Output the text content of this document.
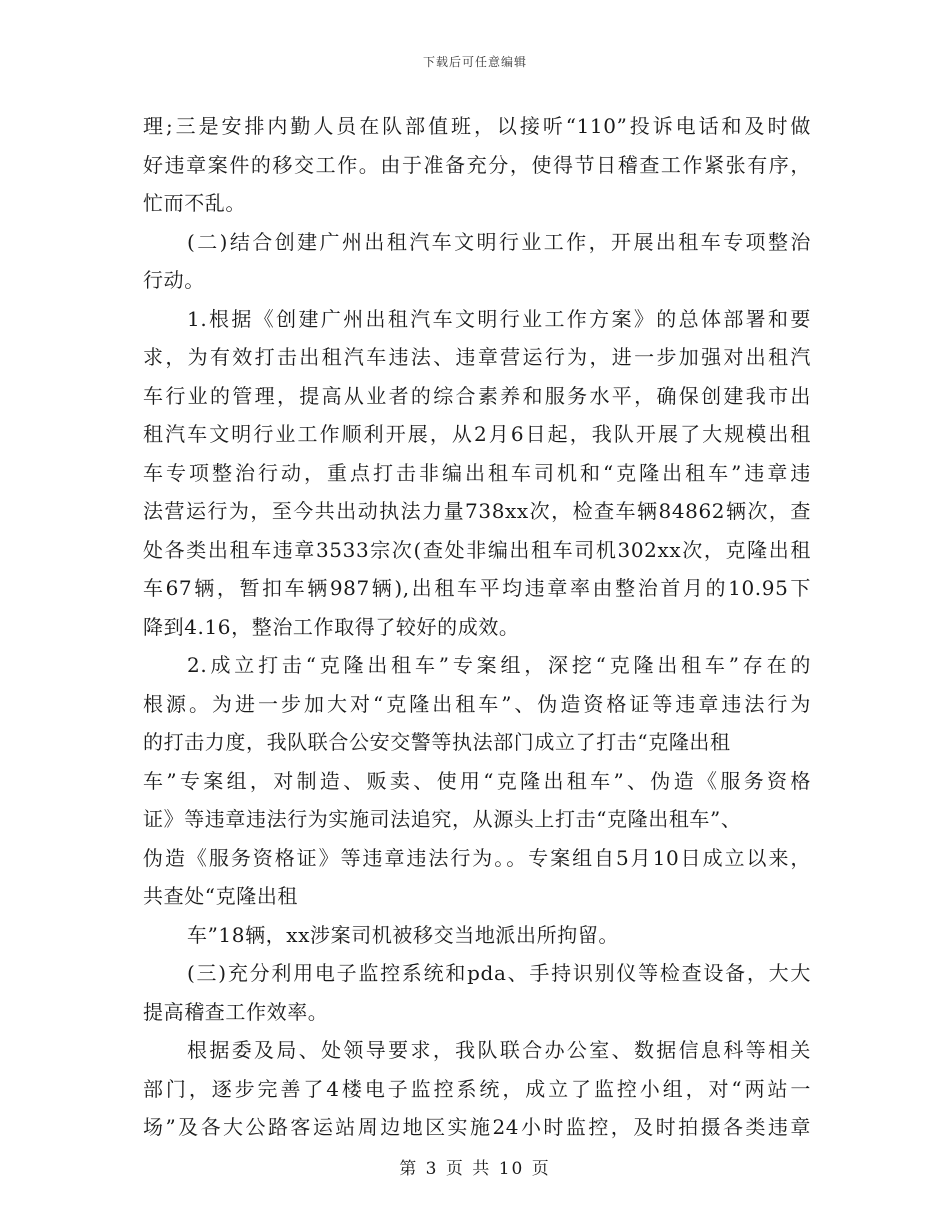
下载后可任意编辑
理;三是安排内勤人员在队部值班，以接听“110”投诉电话和及时做
好违章案件的移交工作。由于准备充分，使得节日稽查工作紧张有序，
忙而不乱。
(二)结合创建广州出租汽车文明行业工作，开展出租车专项整治
行动。
1.根据《创建广州出租汽车文明行业工作方案》的总体部署和要
求，为有效打击出租汽车违法、违章营运行为，进一步加强对出租汽
车行业的管理，提高从业者的综合素养和服务水平，确保创建我市出
租汽车文明行业工作顺利开展，从2月6日起，我队开展了大规模出租
车专项整治行动，重点打击非编出租车司机和“克隆出租车”违章违
法营运行为，至今共出动执法力量738xx次，检查车辆84862辆次，查
处各类出租车违章3533宗次(查处非编出租车司机302xx次，克隆出租
车67辆，暂扣车辆987辆),出租车平均违章率由整治首月的10.95下
降到4.16，整治工作取得了较好的成效。
2.成立打击“克隆出租车”专案组，深挖“克隆出租车”存在的
根源。为进一步加大对“克隆出租车”、伪造资格证等违章违法行为
的打击力度，我队联合公安交警等执法部门成立了打击“克隆出租
车”专案组，对制造、贩卖、使用“克隆出租车”、伪造《服务资格
证》等违章违法行为实施司法追究，从源头上打击“克隆出租车”、
伪造《服务资格证》等违章违法行为。。专案组自5月10日成立以来，
共查处“克隆出租
车”18辆，xx涉案司机被移交当地派出所拘留。
(三)充分利用电子监控系统和pda、手持识别仪等检查设备，大大
提高稽查工作效率。
根据委及局、处领导要求，我队联合办公室、数据信息科等相关
部门，逐步完善了4楼电子监控系统，成立了监控小组，对“两站一
场”及各大公路客运站周边地区实施24小时监控，及时拍摄各类违章
第 3 页 共 10 页
